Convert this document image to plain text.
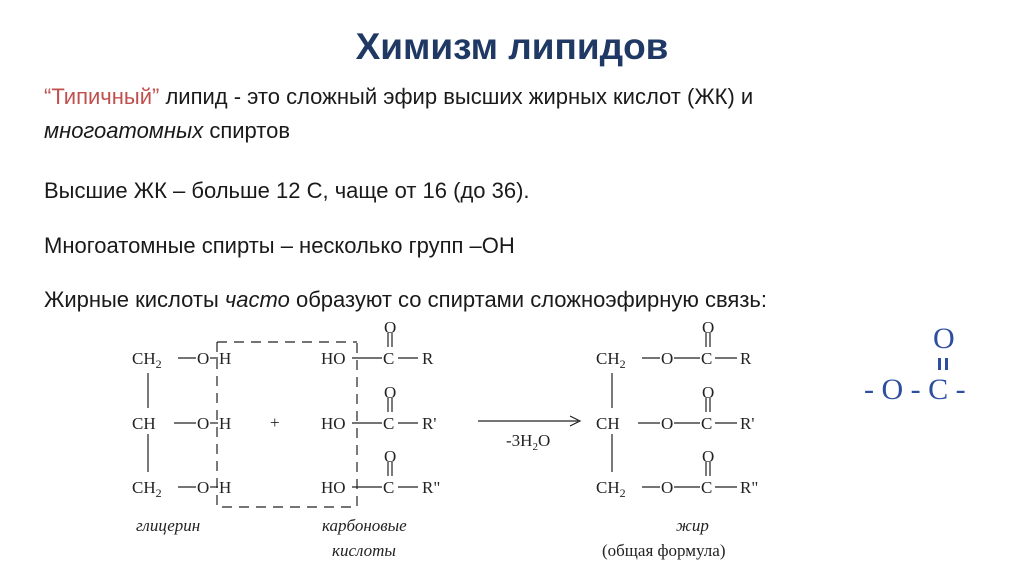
Химизм липидов
“Типичный” липид - это сложный эфир высших жирных кислот (ЖК) и
многоатомных спиртов
Высшие ЖК – больше 12 С, чаще от 16 (до 36).
Многоатомные спирты – несколько групп –ОН
Жирные кислоты часто образуют со спиртами сложноэфирную связь:
$CH_2$ O H
CH O H
$CH_2$ O H
+
HO C R
O
HO C R'
O
HO C R"
O
$-3H_2O$
$CH_2$ O C R
O
CH O C R'
O
$CH_2$ O C R"
O
глицерин	карбоновые
кислоты
жир
(общая формула)
O
- O - C -
